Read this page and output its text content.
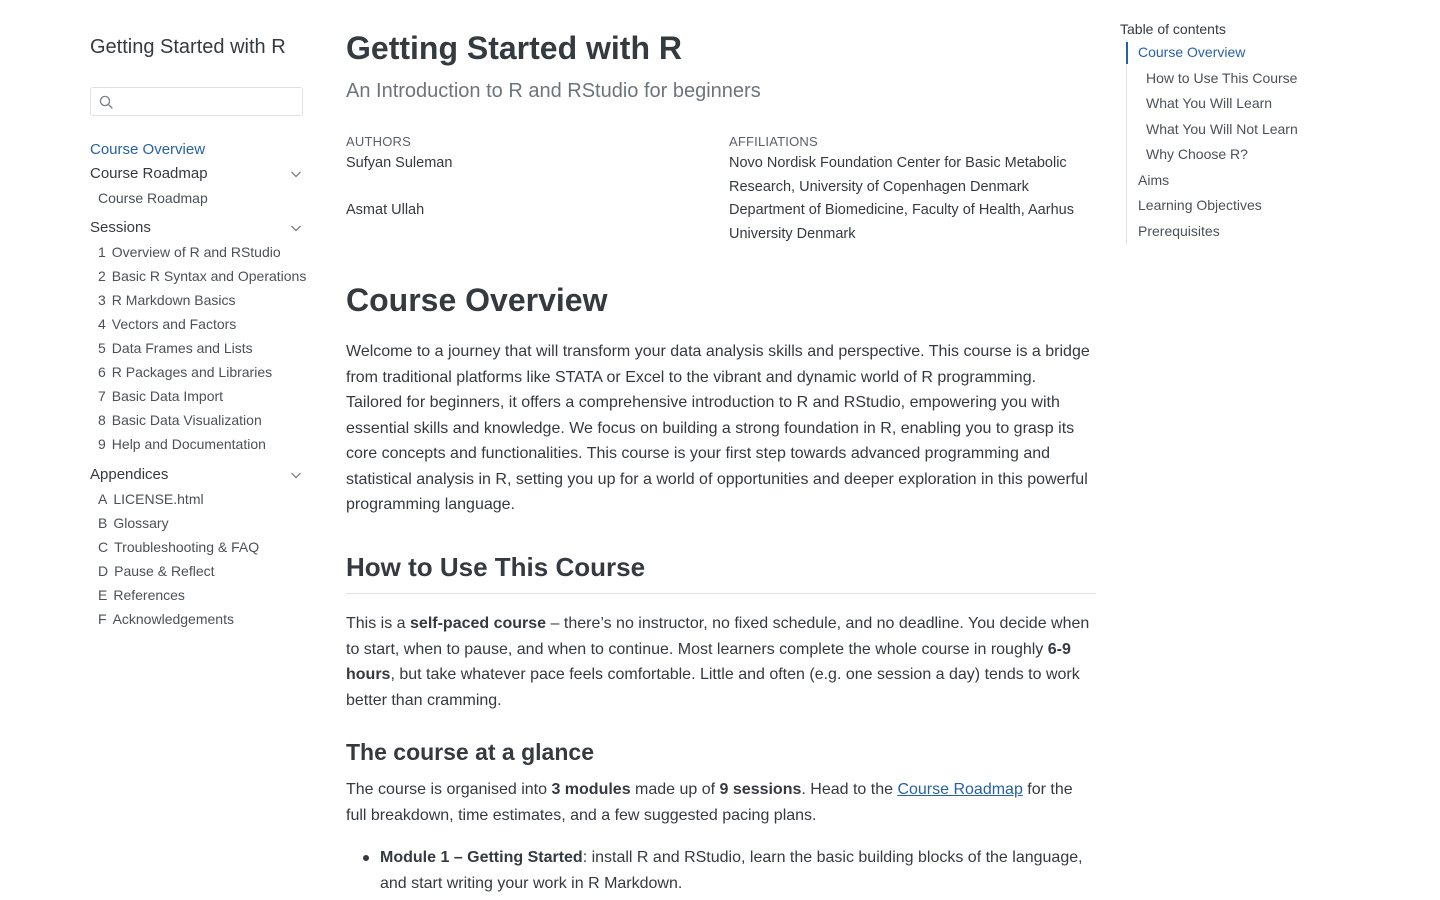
Getting Started with R
Course Overview
Course Roadmap
Course Roadmap
Sessions
1 Overview of R and RStudio
2 Basic R Syntax and Operations
3 R Markdown Basics
4 Vectors and Factors
5 Data Frames and Lists
6 R Packages and Libraries
7 Basic Data Import
8 Basic Data Visualization
9 Help and Documentation
Appendices
A LICENSE.html
B Glossary
C Troubleshooting & FAQ
D Pause & Reflect
E References
F Acknowledgements
Getting Started with R
An Introduction to R and RStudio for beginners
AUTHORS	AFFILIATIONS
Sufyan Suleman	Novo Nordisk Foundation Center for Basic Metabolic
Research, University of Copenhagen Denmark
Asmat Ullah	Department of Biomedicine, Faculty of Health, Aarhus
University Denmark
Course Overview

Welcome to a journey that will transform your data analysis skills and perspective. This course is a bridge from traditional platforms like STATA or Excel to the vibrant and dynamic world of R programming. Tailored for beginners, it offers a comprehensive introduction to R and RStudio, empowering you with essential skills and knowledge. We focus on building a strong foundation in R, enabling you to grasp its core concepts and functionalities. This course is your first step towards advanced programming and statistical analysis in R, setting you up for a world of opportunities and deeper exploration in this powerful programming language.

How to Use This Course

This is a self-paced course – there’s no instructor, no fixed schedule, and no deadline. You decide when to start, when to pause, and when to continue. Most learners complete the whole course in roughly 6-9 hours, but take whatever pace feels comfortable. Little and often (e.g. one session a day) tends to work better than cramming.

The course at a glance

The course is organised into 3 modules made up of 9 sessions. Head to the Course Roadmap for the full breakdown, time estimates, and a few suggested pacing plans.

Module 1 – Getting Started: install R and RStudio, learn the basic building blocks of the language, and start writing your work in R Markdown.
Table of contents
Course Overview
How to Use This Course
What You Will Learn
What You Will Not Learn
Why Choose R?
Aims
Learning Objectives
Prerequisites
